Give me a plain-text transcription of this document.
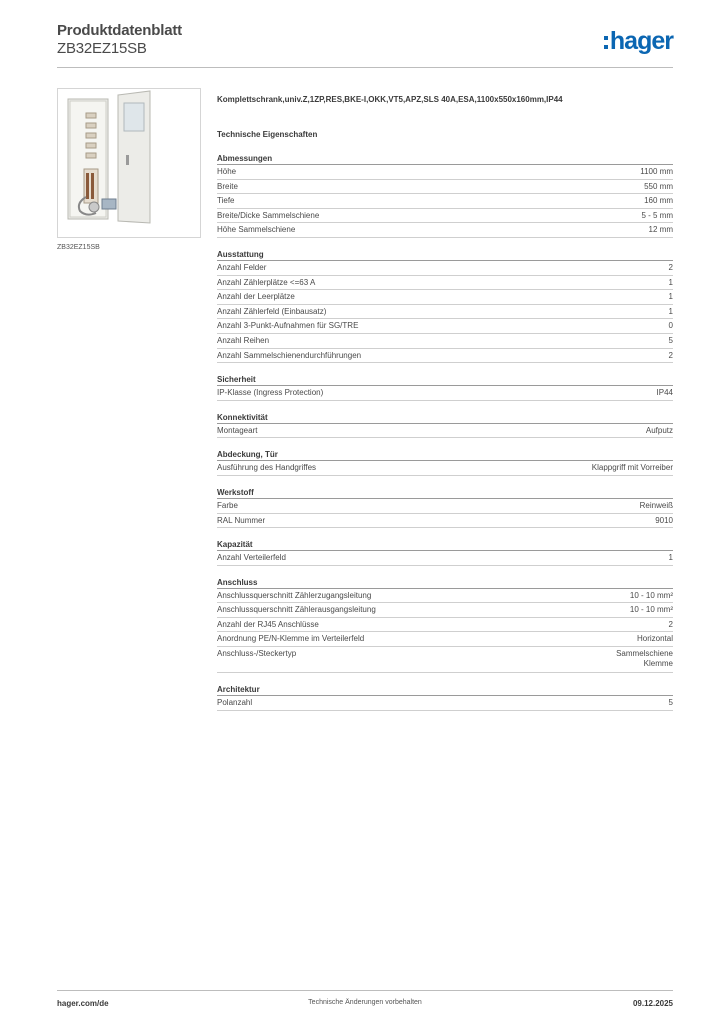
Produktdatenblatt
ZB32EZ15SB	hager
ZB32EZ15SB
Komplettschrank,univ.Z,1ZP,RES,BKE-I,OKK,VT5,APZ,SLS 40A,ESA,1100x550x160mm,IP44
Technische Eigenschaften
Abmessungen
Höhe	1100 mm
Breite	550 mm
Tiefe	160 mm
Breite/Dicke Sammelschiene	5 - 5 mm
Höhe Sammelschiene	12 mm
Ausstattung
Anzahl Felder	2
Anzahl Zählerplätze <=63 A	1
Anzahl der Leerplätze	1
Anzahl Zählerfeld (Einbausatz)	1
Anzahl 3-Punkt-Aufnahmen für SG/TRE	0
Anzahl Reihen	5
Anzahl Sammelschienendurchführungen	2
Sicherheit
IP-Klasse (Ingress Protection)	IP44
Konnektivität
Montageart	Aufputz
Abdeckung, Tür
Ausführung des Handgriffes	Klappgriff mit Vorreiber
Werkstoff
Farbe	Reinweiß
RAL Nummer	9010
Kapazität
Anzahl Verteilerfeld	1
Anschluss
Anschlussquerschnitt Zählerzugangsleitung	10 - 10 mm²
Anschlussquerschnitt Zählerausgangsleitung	10 - 10 mm²
Anzahl der RJ45 Anschlüsse	2
Anordnung PE/N-Klemme im Verteilerfeld	Horizontal
Anschluss-/Steckertyp	Sammelschiene
Klemme
Architektur
Polanzahl	5
hager.com/de	Technische Änderungen vorbehalten	09.12.2025
